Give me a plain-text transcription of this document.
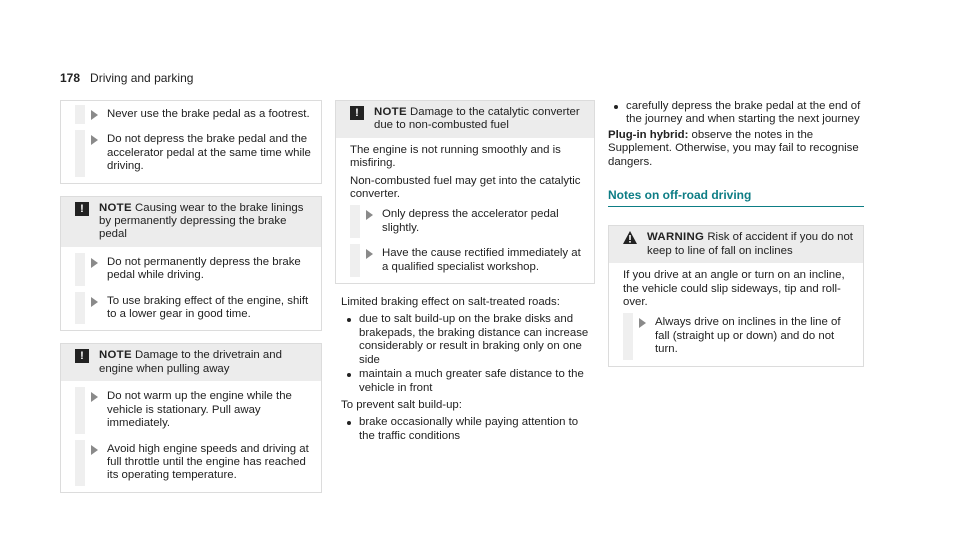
178 Driving and parking
Never use the brake pedal as a footrest.
Do not depress the brake pedal and the accelerator pedal at the same time while driving.
!	NOTE Causing wear to the brake linings by permanently depressing the brake pedal
Do not permanently depress the brake pedal while driving.
To use braking effect of the engine, shift to a lower gear in good time.
!	NOTE Damage to the drivetrain and engine when pulling away
Do not warm up the engine while the vehicle is stationary. Pull away immediately.
Avoid high engine speeds and driving at full throttle until the engine has reached its operating temperature.
!	NOTE Damage to the catalytic converter due to non-combusted fuel

The engine is not running smoothly and is misfiring.

Non-combusted fuel may get into the catalytic converter.

Only depress the accelerator pedal slightly.
Have the cause rectified immediately at a qualified specialist workshop.

Limited braking effect on salt-treated roads:

due to salt build-up on the brake disks and brakepads, the braking distance can increase considerably or result in braking only on one side
maintain a much greater safe distance to the vehicle in front

To prevent salt build-up:

brake occasionally while paying attention to the traffic conditions
carefully depress the brake pedal at the end of the journey and when starting the next journey

Plug-in hybrid: observe the notes in the Supplement. Otherwise, you may fail to recognise dangers.

Notes on off-road driving
WARNING Risk of accident if you do not keep to line of fall on inclines

If you drive at an angle or turn on an incline, the vehicle could slip sideways, tip and roll-over.

Always drive on inclines in the line of fall (straight up or down) and do not turn.
